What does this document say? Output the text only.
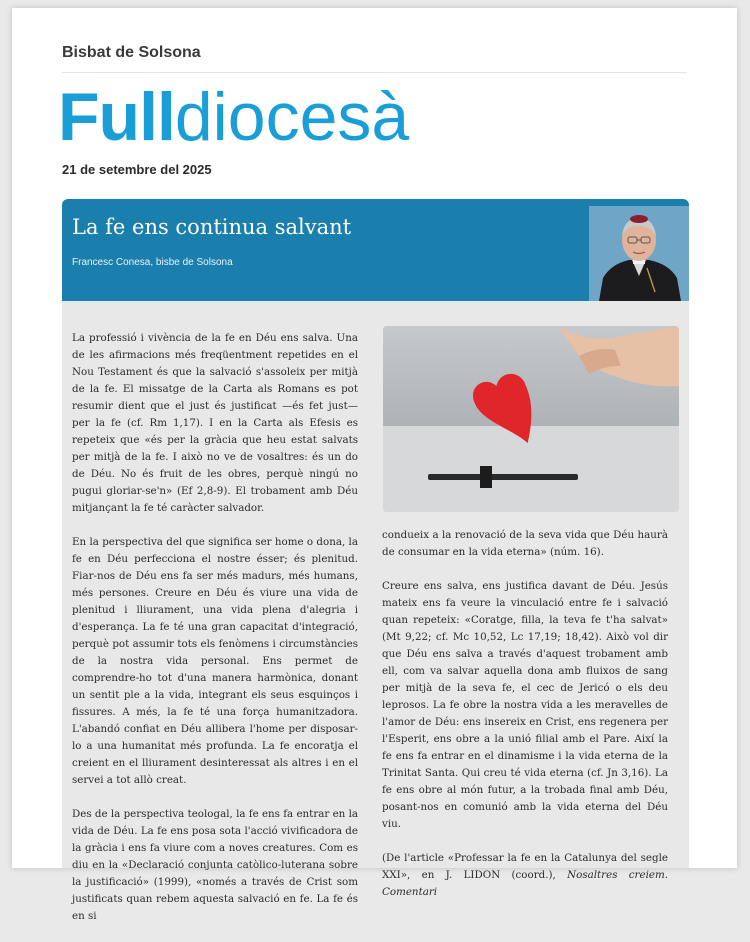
Bisbat de Solsona
Fulldiocesà
21 de setembre del 2025
La fe ens continua salvant
Francesc Conesa, bisbe de Solsona

La professió i vivència de la fe en Déu ens salva. Una de les afirmacions més freqüentment repetides en el Nou Testament és que la salvació s'assoleix per mitjà de la fe. El missatge de la Carta als Romans es pot resumir dient que el just és justificat —és fet just— per la fe (cf. Rm 1,17). I en la Carta als Efesis es repeteix que «és per la gràcia que heu estat salvats per mitjà de la fe. I això no ve de vosaltres: és un do de Déu. No és fruit de les obres, perquè ningú no pugui gloriar-se'n» (Ef 2,8-9). El trobament amb Déu mitjançant la fe té caràcter salvador.

En la perspectiva del que significa ser home o dona, la fe en Déu perfecciona el nostre ésser; és plenitud. Fiar-nos de Déu ens fa ser més madurs, més humans, més persones. Creure en Déu és viure una vida de plenitud i lliurament, una vida plena d'alegria i d'esperança. La fe té una gran capacitat d'integració, perquè pot assumir tots els fenòmens i circumstàncies de la nostra vida personal. Ens permet de comprendre-ho tot d'una manera harmònica, donant un sentit ple a la vida, integrant els seus esquinços i fissures. A més, la fe té una força humanitzadora. L'abandó confiat en Déu allibera l'home per disposar-lo a una humanitat més profunda. La fe encoratja el creient en el lliurament desinteressat als altres i en el servei a tot allò creat.

Des de la perspectiva teologal, la fe ens fa entrar en la vida de Déu. La fe ens posa sota l'acció vivificadora de la gràcia i ens fa viure com a noves creatures. Com es diu en la «Declaració conjunta catòlico-luterana sobre la justificació» (1999), «només a través de Crist som justificats quan rebem aquesta salvació en fe. La fe és en si

condueix a la renovació de la seva vida que Déu haurà de consumar en la vida eterna» (núm. 16).

Creure ens salva, ens justifica davant de Déu. Jesús mateix ens fa veure la vinculació entre fe i salvació quan repeteix: «Coratge, filla, la teva fe t'ha salvat» (Mt 9,22; cf. Mc 10,52, Lc 17,19; 18,42). Això vol dir que Déu ens salva a través d'aquest trobament amb ell, com va salvar aquella dona amb fluixos de sang per mitjà de la seva fe, el cec de Jericó o els deu leprosos. La fe obre la nostra vida a les meravelles de l'amor de Déu: ens insereix en Crist, ens regenera per l'Esperit, ens obre a la unió filial amb el Pare. Així la fe ens fa entrar en el dinamisme i la vida eterna de la Trinitat Santa. Qui creu té vida eterna (cf. Jn 3,16). La fe ens obre al món futur, a la trobada final amb Déu, posant-nos en comunió amb la vida eterna del Déu viu.

(De l'article «Professar la fe en la Catalunya del segle XXI», en J. LIDON (coord.), Nosaltres creiem. Comentari
